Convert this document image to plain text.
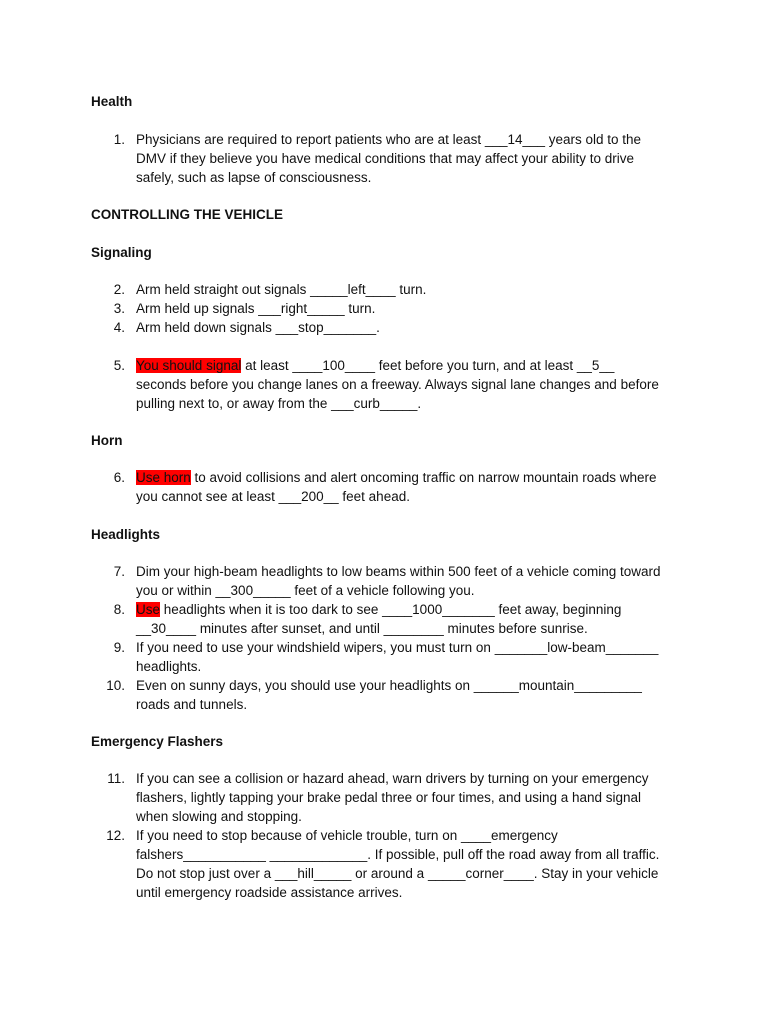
Health
1. Physicians are required to report patients who are at least ___14___ years old to the
DMV if they believe you have medical conditions that may affect your ability to drive
safely, such as lapse of consciousness.
CONTROLLING THE VEHICLE
Signaling
2. Arm held straight out signals _____left____ turn.
3. Arm held up signals ___right_____ turn.
4. Arm held down signals ___stop_______.
5. You should signal at least ____100____ feet before you turn, and at least __5__
seconds before you change lanes on a freeway. Always signal lane changes and before
pulling next to, or away from the ___curb_____.
Horn
6. Use horn to avoid collisions and alert oncoming traffic on narrow mountain roads where
you cannot see at least ___200__ feet ahead.
Headlights
7. Dim your high-beam headlights to low beams within 500 feet of a vehicle coming toward
you or within __300_____ feet of a vehicle following you.
8. Use headlights when it is too dark to see ____1000_______ feet away, beginning
__30____ minutes after sunset, and until ________ minutes before sunrise.
9. If you need to use your windshield wipers, you must turn on _______low-beam_______
headlights.
10. Even on sunny days, you should use your headlights on ______mountain_________
roads and tunnels.
Emergency Flashers
11. If you can see a collision or hazard ahead, warn drivers by turning on your emergency
flashers, lightly tapping your brake pedal three or four times, and using a hand signal
when slowing and stopping.
12. If you need to stop because of vehicle trouble, turn on ____emergency
falshers___________ _____________. If possible, pull off the road away from all traffic.
Do not stop just over a ___hill_____ or around a _____corner____. Stay in your vehicle
until emergency roadside assistance arrives.
